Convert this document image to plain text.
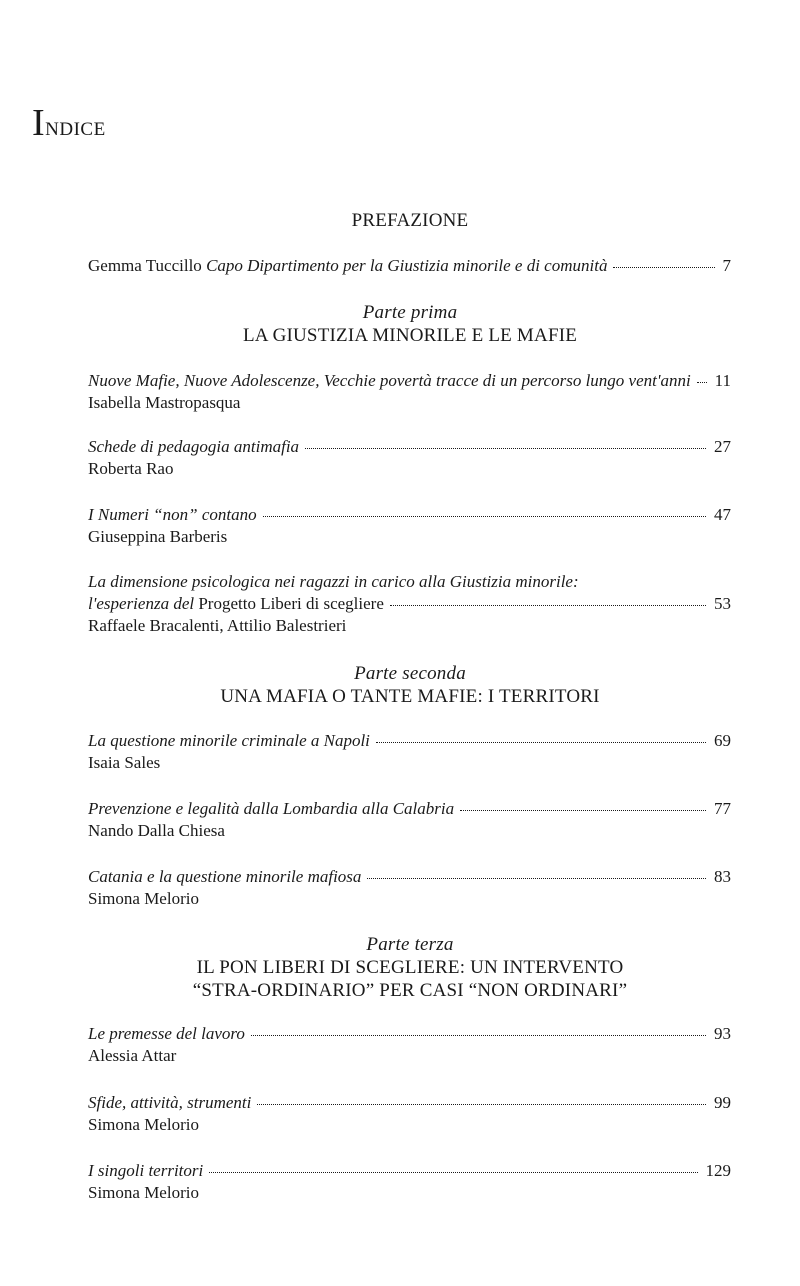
INDICE
PREFAZIONE
Gemma Tuccillo Capo Dipartimento per la Giustizia minorile e di comunità	7
Parte prima
LA GIUSTIZIA MINORILE E LE MAFIE
Nuove Mafie, Nuove Adolescenze, Vecchie povertà tracce di un percorso lungo vent'anni 11
Isabella Mastropasqua
Schede di pedagogia antimafia	27
Roberta Rao
I Numeri “non” contano	47
Giuseppina Barberis
La dimensione psicologica nei ragazzi in carico alla Giustizia minorile:
l'esperienza del Progetto Liberi di scegliere	53
Raffaele Bracalenti, Attilio Balestrieri
Parte seconda
UNA MAFIA O TANTE MAFIE: I TERRITORI
La questione minorile criminale a Napoli	69
Isaia Sales
Prevenzione e legalità dalla Lombardia alla Calabria	77
Nando Dalla Chiesa
Catania e la questione minorile mafiosa	83
Simona Melorio
Parte terza
IL PON LIBERI DI SCEGLIERE: UN INTERVENTO
“STRA-ORDINARIO” PER CASI “NON ORDINARI”
Le premesse del lavoro	93
Alessia Attar
Sfide, attività, strumenti	99
Simona Melorio
I singoli territori	129
Simona Melorio
